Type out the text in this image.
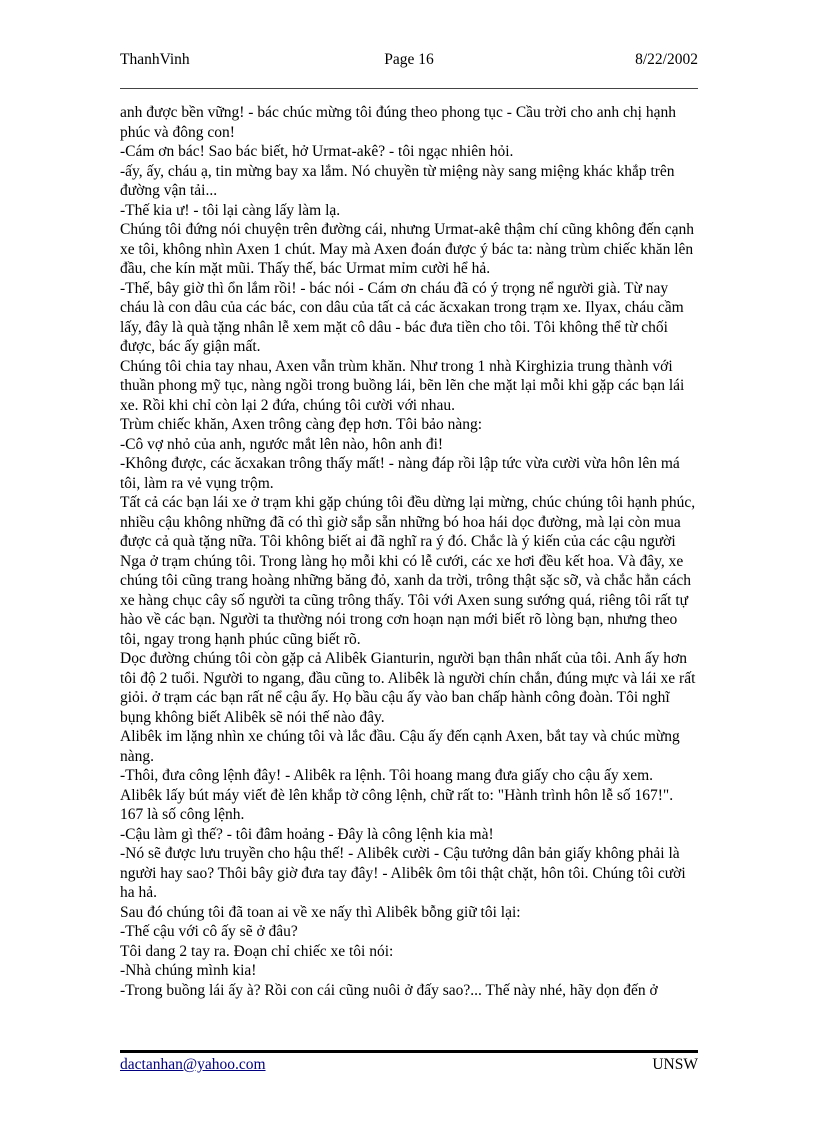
ThanhVinh	Page 16	8/22/2002

anh được bền vững! - bác chúc mừng tôi đúng theo phong tục - Cầu trời cho anh chị hạnh phúc và đông con!

-Cám ơn bác! Sao bác biết, hở Urmat-akê? - tôi ngạc nhiên hỏi.

-ấy, ấy, cháu ạ, tin mừng bay xa lắm. Nó chuyền từ miệng này sang miệng khác khắp trên đường vận tải...

-Thế kia ư! - tôi lại càng lấy làm lạ.

Chúng tôi đứng nói chuyện trên đường cái, nhưng Urmat-akê thậm chí cũng không đến cạnh xe tôi, không nhìn Axen 1 chút. May mà Axen đoán được ý bác ta: nàng trùm chiếc khăn lên đầu, che kín mặt mũi. Thấy thế, bác Urmat mỉm cười hể hả.

-Thế, bây giờ thì ổn lắm rồi! - bác nói - Cám ơn cháu đã có ý trọng nể người già. Từ nay cháu là con dâu của các bác, con dâu của tất cả các ăcxakan trong trạm xe. Ilyax, cháu cầm lấy, đây là quà tặng nhân lễ xem mặt cô dâu - bác đưa tiền cho tôi. Tôi không thể từ chối được, bác ấy giận mất.

Chúng tôi chia tay nhau, Axen vẫn trùm khăn. Như trong 1 nhà Kirghizia trung thành với thuần phong mỹ tục, nàng ngồi trong buồng lái, bẽn lẽn che mặt lại mỗi khi gặp các bạn lái xe. Rồi khi chỉ còn lại 2 đứa, chúng tôi cười với nhau.

Trùm chiếc khăn, Axen trông càng đẹp hơn. Tôi bảo nàng:

-Cô vợ nhỏ của anh, ngước mắt lên nào, hôn anh đi!

-Không được, các ăcxakan trông thấy mất! - nàng đáp rồi lập tức vừa cười vừa hôn lên má tôi, làm ra vẻ vụng trộm.

Tất cả các bạn lái xe ở trạm khi gặp chúng tôi đều dừng lại mừng, chúc chúng tôi hạnh phúc, nhiều cậu không những đã có thì giờ sắp sẵn những bó hoa hái dọc đường, mà lại còn mua được cả quà tặng nữa. Tôi không biết ai đã nghĩ ra ý đó. Chắc là ý kiến của các cậu người Nga ở trạm chúng tôi. Trong làng họ mỗi khi có lễ cưới, các xe hơi đều kết hoa. Và đây, xe chúng tôi cũng trang hoàng những băng đỏ, xanh da trời, trông thật sặc sỡ, và chắc hẳn cách xe hàng chục cây số người ta cũng trông thấy. Tôi với Axen sung sướng quá, riêng tôi rất tự hào về các bạn. Người ta thường nói trong cơn hoạn nạn mới biết rõ lòng bạn, nhưng theo tôi, ngay trong hạnh phúc cũng biết rõ.

Dọc đường chúng tôi còn gặp cả Alibêk Gianturin, người bạn thân nhất của tôi. Anh ấy hơn tôi độ 2 tuổi. Người to ngang, đầu cũng to. Alibêk là người chín chắn, đúng mực và lái xe rất giỏi. ở trạm các bạn rất nể cậu ấy. Họ bầu cậu ấy vào ban chấp hành công đoàn. Tôi nghĩ bụng không biết Alibêk sẽ nói thế nào đây.

Alibêk im lặng nhìn xe chúng tôi và lắc đầu. Cậu ấy đến cạnh Axen, bắt tay và chúc mừng nàng.

-Thôi, đưa công lệnh đây! - Alibêk ra lệnh. Tôi hoang mang đưa giấy cho cậu ấy xem. Alibêk lấy bút máy viết đè lên khắp tờ công lệnh, chữ rất to: "Hành trình hôn lễ số 167!". 167 là số công lệnh.

-Cậu làm gì thế? - tôi đâm hoảng - Đây là công lệnh kia mà!

-Nó sẽ được lưu truyền cho hậu thế! - Alibêk cười - Cậu tưởng dân bản giấy không phải là người hay sao? Thôi bây giờ đưa tay đây! - Alibêk ôm tôi thật chặt, hôn tôi. Chúng tôi cười ha hả.

Sau đó chúng tôi đã toan ai về xe nấy thì Alibêk bỗng giữ tôi lại:

-Thế cậu với cô ấy sẽ ở đâu?

Tôi dang 2 tay ra. Đoạn chỉ chiếc xe tôi nói:

-Nhà chúng mình kia!

-Trong buồng lái ấy à? Rồi con cái cũng nuôi ở đấy sao?... Thế này nhé, hãy dọn đến ở

dactanhan@yahoo.com	UNSW
